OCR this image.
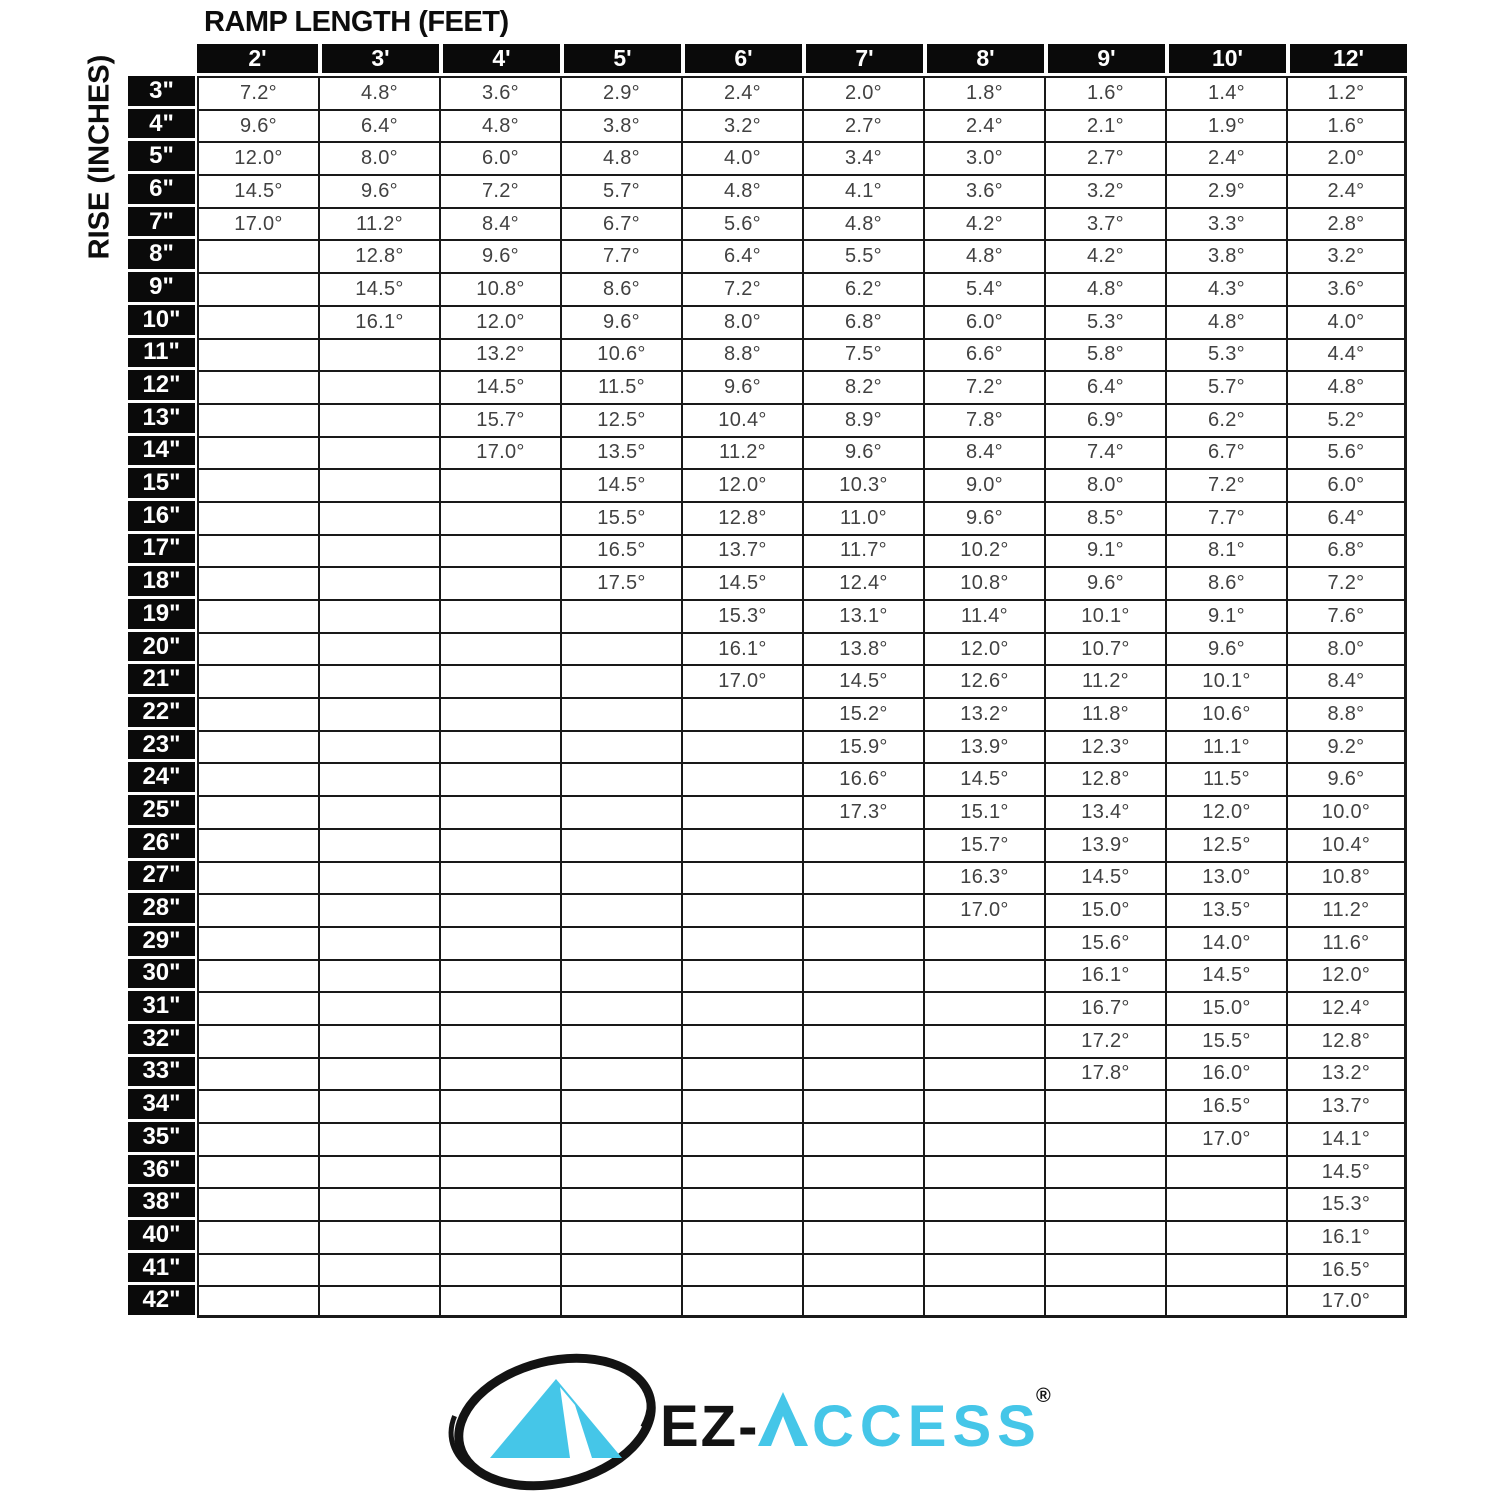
RAMP LENGTH (FEET)
RISE (INCHES)
		2'	3'	4'	5'	6'	7'	8'	9'	10'	12'
3"	7.2°	4.8°	3.6°	2.9°	2.4°	2.0°	1.8°	1.6°	1.4°	1.2°
4"	9.6°	6.4°	4.8°	3.8°	3.2°	2.7°	2.4°	2.1°	1.9°	1.6°
5"	12.0°	8.0°	6.0°	4.8°	4.0°	3.4°	3.0°	2.7°	2.4°	2.0°
6"	14.5°	9.6°	7.2°	5.7°	4.8°	4.1°	3.6°	3.2°	2.9°	2.4°
7"	17.0°	11.2°	8.4°	6.7°	5.6°	4.8°	4.2°	3.7°	3.3°	2.8°
8"		12.8°	9.6°	7.7°	6.4°	5.5°	4.8°	4.2°	3.8°	3.2°
9"		14.5°	10.8°	8.6°	7.2°	6.2°	5.4°	4.8°	4.3°	3.6°
10"		16.1°	12.0°	9.6°	8.0°	6.8°	6.0°	5.3°	4.8°	4.0°
11"			13.2°	10.6°	8.8°	7.5°	6.6°	5.8°	5.3°	4.4°
12"			14.5°	11.5°	9.6°	8.2°	7.2°	6.4°	5.7°	4.8°
13"			15.7°	12.5°	10.4°	8.9°	7.8°	6.9°	6.2°	5.2°
14"			17.0°	13.5°	11.2°	9.6°	8.4°	7.4°	6.7°	5.6°
15"				14.5°	12.0°	10.3°	9.0°	8.0°	7.2°	6.0°
16"				15.5°	12.8°	11.0°	9.6°	8.5°	7.7°	6.4°
17"				16.5°	13.7°	11.7°	10.2°	9.1°	8.1°	6.8°
18"				17.5°	14.5°	12.4°	10.8°	9.6°	8.6°	7.2°
19"					15.3°	13.1°	11.4°	10.1°	9.1°	7.6°
20"					16.1°	13.8°	12.0°	10.7°	9.6°	8.0°
21"					17.0°	14.5°	12.6°	11.2°	10.1°	8.4°
22"						15.2°	13.2°	11.8°	10.6°	8.8°
23"						15.9°	13.9°	12.3°	11.1°	9.2°
24"						16.6°	14.5°	12.8°	11.5°	9.6°
25"						17.3°	15.1°	13.4°	12.0°	10.0°
26"							15.7°	13.9°	12.5°	10.4°
27"							16.3°	14.5°	13.0°	10.8°
28"							17.0°	15.0°	13.5°	11.2°
29"								15.6°	14.0°	11.6°
30"								16.1°	14.5°	12.0°
31"								16.7°	15.0°	12.4°
32"								17.2°	15.5°	12.8°
33"								17.8°	16.0°	13.2°
34"									16.5°	13.7°
35"									17.0°	14.1°
36"										14.5°
38"										15.3°
40"										16.1°
41"										16.5°
42"										17.0°
EZ- CCESS
®
